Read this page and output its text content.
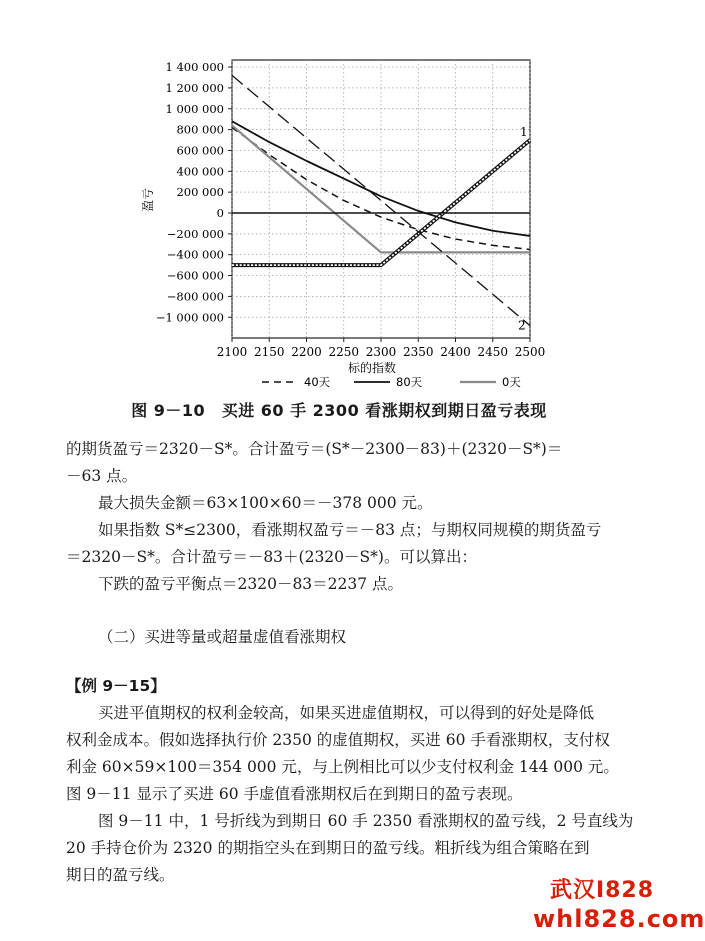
1 400 000
1 200 000
1 000 000
800 000
600 000
400 000
200 000
0
−200 000
−400 000
−600 000
−800 000
−1 000 000
2100 2150 2200 2250 2300 2350 2400 2450 2500
1
2
标的指数
盈亏
40天	80天	0天
图 9－10　买进 60 手 2300 看涨期权到期日盈亏表现
的期货盈亏＝2320－S*。合计盈亏＝(S*－2300－83)＋(2320－S*)＝
－63 点。
最大损失金额＝63×100×60＝－378 000 元。
如果指数 S*≤2300，看涨期权盈亏＝－83 点；与期权同规模的期货盈亏
＝2320－S*。合计盈亏＝－83＋(2320－S*)。可以算出：
下跌的盈亏平衡点＝2320－83＝2237 点。
（二）买进等量或超量虚值看涨期权
【例 9－15】
买进平值期权的权利金较高，如果买进虚值期权，可以得到的好处是降低
权利金成本。假如选择执行价 2350 的虚值期权，买进 60 手看涨期权，支付权
利金 60×59×100＝354 000 元，与上例相比可以少支付权利金 144 000 元。
图 9－11 显示了买进 60 手虚值看涨期权后在到期日的盈亏表现。
图 9－11 中，1 号折线为到期日 60 手 2350 看涨期权的盈亏线，2 号直线为
20 手持仓价为 2320 的期指空头在到期日的盈亏线。粗折线为组合策略在到
期日的盈亏线。
武汉I828
whl828.com
